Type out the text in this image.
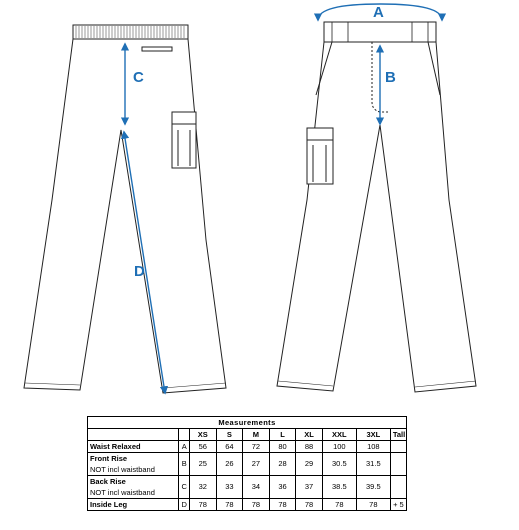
C
D
A
B
Measurements									
		XS	S	M	L	XL	XXL	3XL	Tall
Waist Relaxed	A	56	64	72	80	88	100	108	
Front Rise	B	25	26	27	28	29	30.5	31.5	
NOT incl waistband									
Back Rise	C	32	33	34	36	37	38.5	39.5	
NOT incl waistband									
Inside Leg	D	78	78	78	78	78	78	78	+ 5
